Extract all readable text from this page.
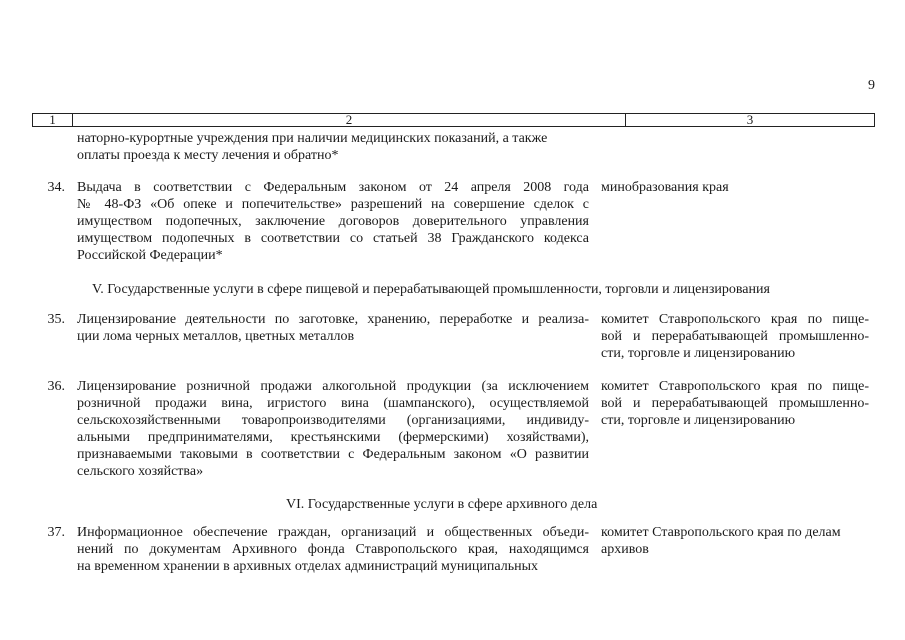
9
1	2	3
наторно-курортные учреждения при наличии медицинских показаний, а также
оплаты проезда к месту лечения и обратно*
34. Выдача в соответствии с Федеральным законом от 24 апреля 2008 года
№ 48-ФЗ «Об опеке и попечительстве» разрешений на совершение сделок с
имуществом подопечных, заключение договоров доверительного управления
имуществом подопечных в соответствии со статьей 38 Гражданского кодекса
Российской Федерации*
минобразования края
V. Государственные услуги в сфере пищевой и перерабатывающей промышленности, торговли и лицензирования
35. Лицензирование деятельности по заготовке, хранению, переработке и реализа-
ции лома черных металлов, цветных металлов
комитет Ставропольского края по пище-
вой и перерабатывающей промышленно-
сти, торговле и лицензированию
36. Лицензирование розничной продажи алкогольной продукции (за исключением
розничной продажи вина, игристого вина (шампанского), осуществляемой
сельскохозяйственными товаропроизводителями (организациями, индивиду-
альными предпринимателями, крестьянскими (фермерскими) хозяйствами),
признаваемыми таковыми в соответствии с Федеральным законом «О развитии
сельского хозяйства»
комитет Ставропольского края по пище-
вой и перерабатывающей промышленно-
сти, торговле и лицензированию
VI. Государственные услуги в сфере архивного дела
37. Информационное обеспечение граждан, организаций и общественных объеди-
нений по документам Архивного фонда Ставропольского края, находящимся
на временном хранении в архивных отделах администраций муниципальных
комитет Ставропольского края по делам
архивов
